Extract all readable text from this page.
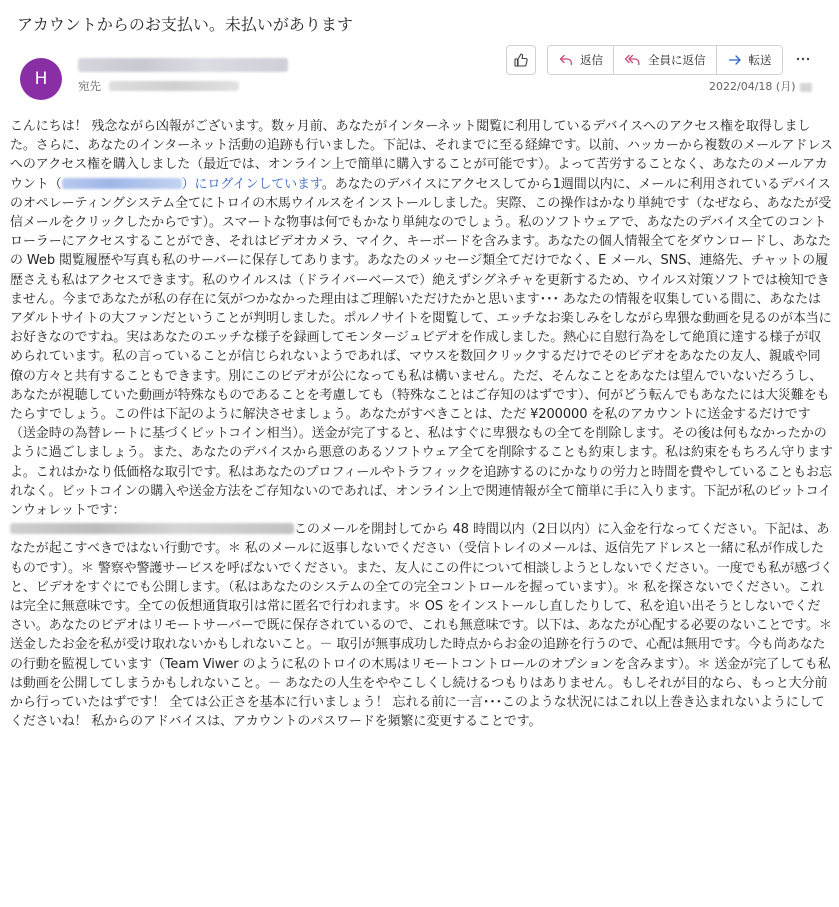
アカウントからのお支払い。未払いがあります
H	宛先
返信	全員に返信	転送
2022/04/18 (月)

こんにちは！ 残念ながら凶報がございます。数ヶ月前、あなたがインターネット閲覧に利用しているデバイスへのアクセス権を取得しました。さらに、あなたのインターネット活動の追跡も行いました。下記は、それまでに至る経緯です。以前、ハッカーから複数のメールアドレスへのアクセス権を購入しました（最近では、オンライン上で簡単に購入することが可能です）。よって苦労することなく、あなたのメールアカウント（	）にログインしています。あなたのデバイスにアクセスしてから1週間以内に、メールに利用されているデバイスのオペレーティングシステム全てにトロイの木馬ウイルスをインストールしました。実際、この操作はかなり単純です（なぜなら、あなたが受信メールをクリックしたからです）。スマートな物事は何でもかなり単純なのでしょう。私のソフトウェアで、あなたのデバイス全てのコントローラーにアクセスすることができ、それはビデオカメラ、マイク、キーボードを含みます。あなたの個人情報全てをダウンロードし、あなたの Web 閲覧履歴や写真も私のサーバーに保存してあります。あなたのメッセージ類全てだけでなく、E メール、SNS、連絡先、チャットの履歴さえも私はアクセスできます。私のウイルスは（ドライバーベースで）絶えずシグネチャを更新するため、ウイルス対策ソフトでは検知できません。今まであなたが私の存在に気がつかなかった理由はご理解いただけたかと思います･･･ あなたの情報を収集している間に、あなたはアダルトサイトの大ファンだということが判明しました。ポルノサイトを閲覧して、エッチなお楽しみをしながら卑猥な動画を見るのが本当にお好きなのですね。実はあなたのエッチな様子を録画してモンタージュビデオを作成しました。熱心に自慰行為をして絶頂に達する様子が収められています。私の言っていることが信じられないようであれば、マウスを数回クリックするだけでそのビデオをあなたの友人、親戚や同僚の方々と共有することもできます。別にこのビデオが公になっても私は構いません。ただ、そんなことをあなたは望んでいないだろうし、あなたが視聴していた動画が特殊なものであることを考慮しても（特殊なことはご存知のはずです）、何がどう転んでもあなたには大災難をもたらすでしょう。この件は下記のように解決させましょう。あなたがすべきことは、ただ ¥200000 を私のアカウントに送金するだけです（送金時の為替レートに基づくビットコイン相当）。送金が完了すると、私はすぐに卑猥なもの全てを削除します。その後は何もなかったかのように過ごしましょう。また、あなたのデバイスから悪意のあるソフトウェア全てを削除することも約束します。私は約束をもちろん守りますよ。これはかなり低価格な取引です。私はあなたのプロフィールやトラフィックを追跡するのにかなりの労力と時間を費やしていることもお忘れなく。ビットコインの購入や送金方法をご存知ないのであれば、オンライン上で関連情報が全て簡単に手に入ります。下記が私のビットコインウォレットです：

このメールを開封してから 48 時間以内（2日以内）に入金を行なってください。下記は、あなたが起こすべきではない行動です。＊ 私のメールに返事しないでください（受信トレイのメールは、返信先アドレスと一緒に私が作成したものです）。＊ 警察や警護サービスを呼ばないでください。また、友人にこの件について相談しようとしないでください。一度でも私が感づくと、ビデオをすぐにでも公開します。（私はあなたのシステムの全ての完全コントロールを握っています）。＊ 私を探さないでください。これは完全に無意味です。全ての仮想通貨取引は常に匿名で行われます。＊ OS をインストールし直したりして、私を追い出そうとしないでください。あなたのビデオはリモートサーバーで既に保存されているので、これも無意味です。以下は、あなたが心配する必要のないことです。＊ 送金したお金を私が受け取れないかもしれないこと。－ 取引が無事成功した時点からお金の追跡を行うので、心配は無用です。今も尚あなたの行動を監視しています（Team Viwer のように私のトロイの木馬はリモートコントロールのオプションを含みます）。＊ 送金が完了しても私は動画を公開してしまうかもしれないこと。－ あなたの人生をややこしくし続けるつもりはありません。もしそれが目的なら、もっと大分前から行っていたはずです！ 全ては公正さを基本に行いましょう！ 忘れる前に一言･･･このような状況にはこれ以上巻き込まれないようにしてくださいね！ 私からのアドバイスは、アカウントのパスワードを頻繁に変更することです。
